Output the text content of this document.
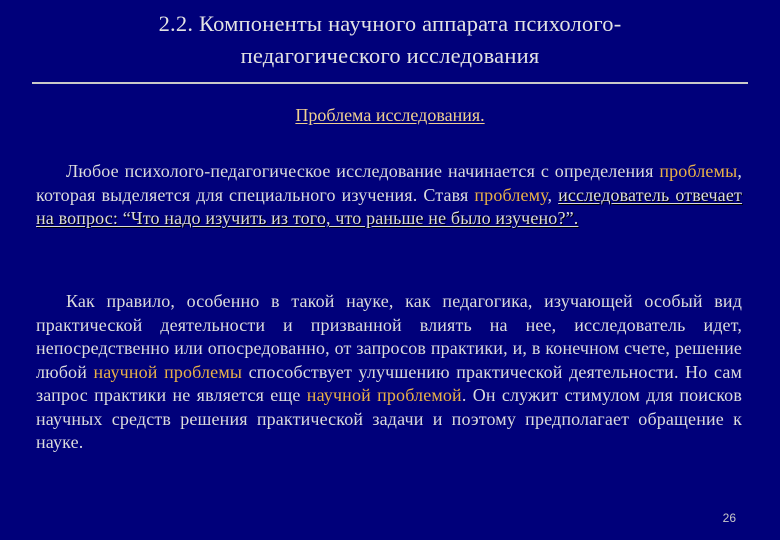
2.2. Компоненты научного аппарата психолого-
педагогического исследования
Проблема исследования.

Любое психолого-педагогическое исследование начинается с определения проблемы, которая выделяется для специального изучения. Ставя проблему, исследователь отвечает на вопрос: “Что надо изучить из того, что раньше не было изучено?”.

Как правило, особенно в такой науке, как педагогика, изучающей особый вид практической деятельности и призванной влиять на нее, исследователь идет, непосредственно или опосредованно, от запросов практики, и, в конечном счете, решение любой научной проблемы способствует улучшению практической деятельности. Но сам запрос практики не является еще научной проблемой. Он служит стимулом для поисков научных средств решения практической задачи и поэтому предполагает обращение к науке.

26
